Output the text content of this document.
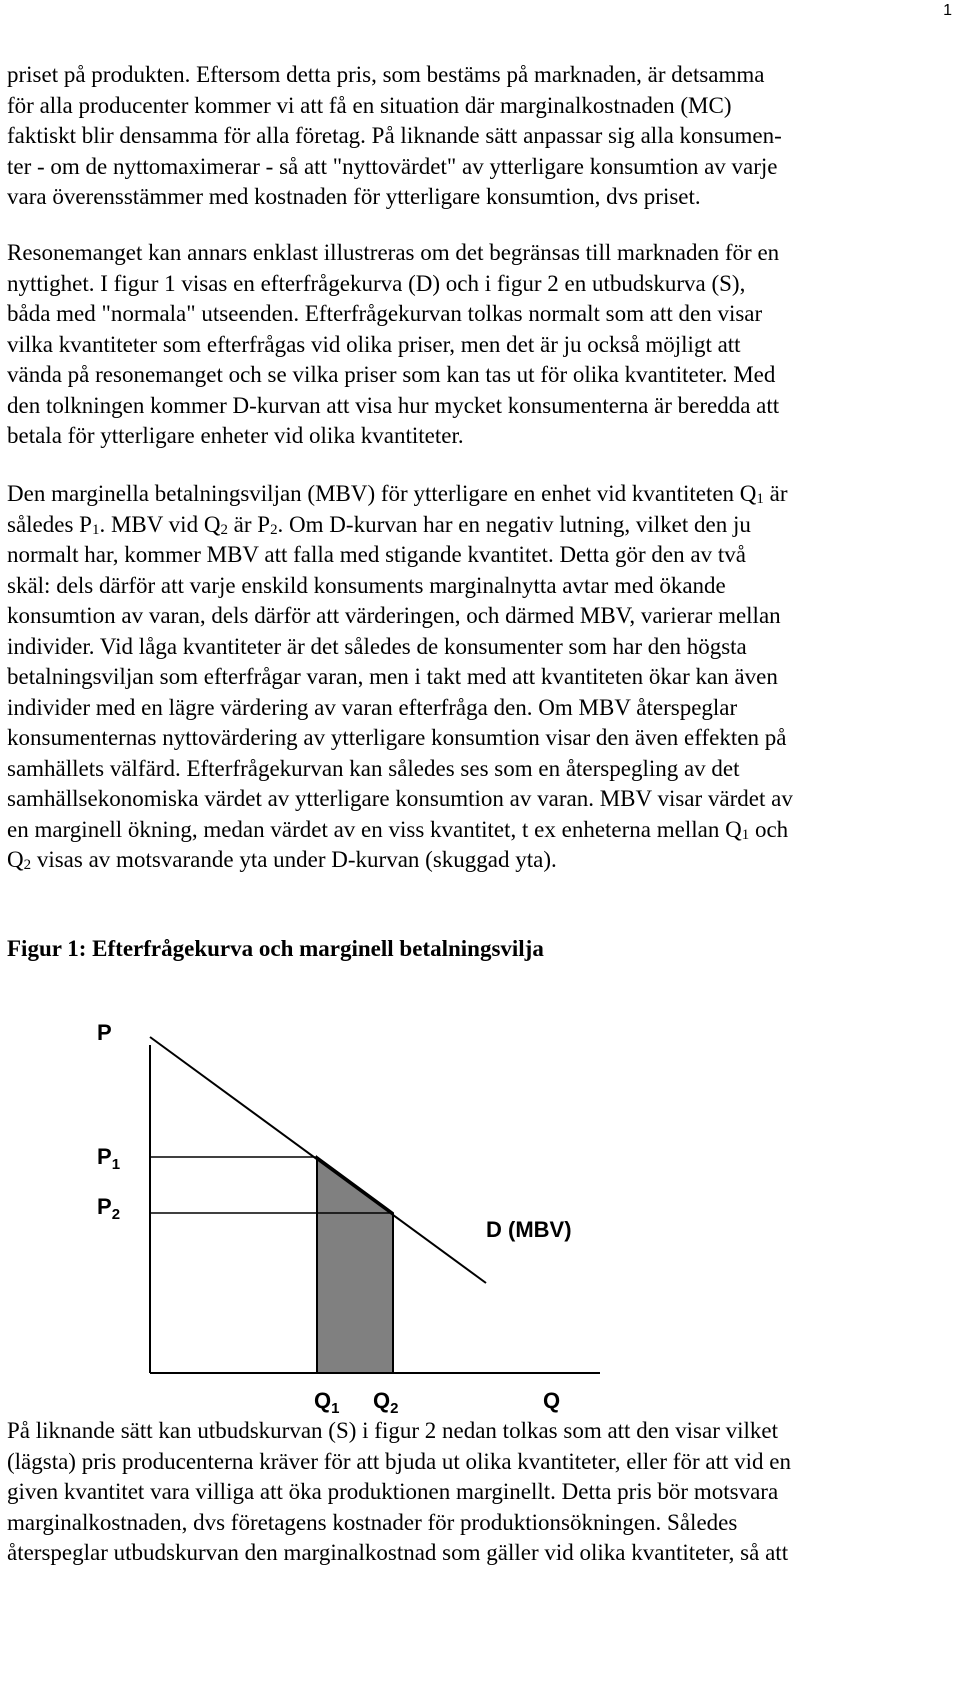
1

priset på produkten. Eftersom detta pris, som bestäms på marknaden, är detsamma
för alla producenter kommer vi att få en situation där marginalkostnaden (MC)
faktiskt blir densamma för alla företag. På liknande sätt anpassar sig alla konsumen-
ter - om de nyttomaximerar - så att "nyttovärdet" av ytterligare konsumtion av varje
vara överensstämmer med kostnaden för ytterligare konsumtion, dvs priset.

Resonemanget kan annars enklast illustreras om det begränsas till marknaden för en
nyttighet. I figur 1 visas en efterfrågekurva (D) och i figur 2 en utbudskurva (S),
båda med "normala" utseenden. Efterfrågekurvan tolkas normalt som att den visar
vilka kvantiteter som efterfrågas vid olika priser, men det är ju också möjligt att
vända på resonemanget och se vilka priser som kan tas ut för olika kvantiteter. Med
den tolkningen kommer D-kurvan att visa hur mycket konsumenterna är beredda att
betala för ytterligare enheter vid olika kvantiteter.

Den marginella betalningsviljan (MBV) för ytterligare en enhet vid kvantiteten Q1 är
således P1. MBV vid Q2 är P2. Om D-kurvan har en negativ lutning, vilket den ju
normalt har, kommer MBV att falla med stigande kvantitet. Detta gör den av två
skäl: dels därför att varje enskild konsuments marginalnytta avtar med ökande
konsumtion av varan, dels därför att värderingen, och därmed MBV, varierar mellan
individer. Vid låga kvantiteter är det således de konsumenter som har den högsta
betalningsviljan som efterfrågar varan, men i takt med att kvantiteten ökar kan även
individer med en lägre värdering av varan efterfråga den. Om MBV återspeglar
konsumenternas nyttovärdering av ytterligare konsumtion visar den även effekten på
samhällets välfärd. Efterfrågekurvan kan således ses som en återspegling av det
samhällsekonomiska värdet av ytterligare konsumtion av varan. MBV visar värdet av
en marginell ökning, medan värdet av en viss kvantitet, t ex enheterna mellan Q1 och
Q2 visas av motsvarande yta under D-kurvan (skuggad yta).

Figur 1: Efterfrågekurva och marginell betalningsvilja
P
P1
P2
D (MBV)
Q1 Q2	Q

På liknande sätt kan utbudskurvan (S) i figur 2 nedan tolkas som att den visar vilket
(lägsta) pris producenterna kräver för att bjuda ut olika kvantiteter, eller för att vid en
given kvantitet vara villiga att öka produktionen marginellt. Detta pris bör motsvara
marginalkostnaden, dvs företagens kostnader för produktionsökningen. Således
återspeglar utbudskurvan den marginalkostnad som gäller vid olika kvantiteter, så att
